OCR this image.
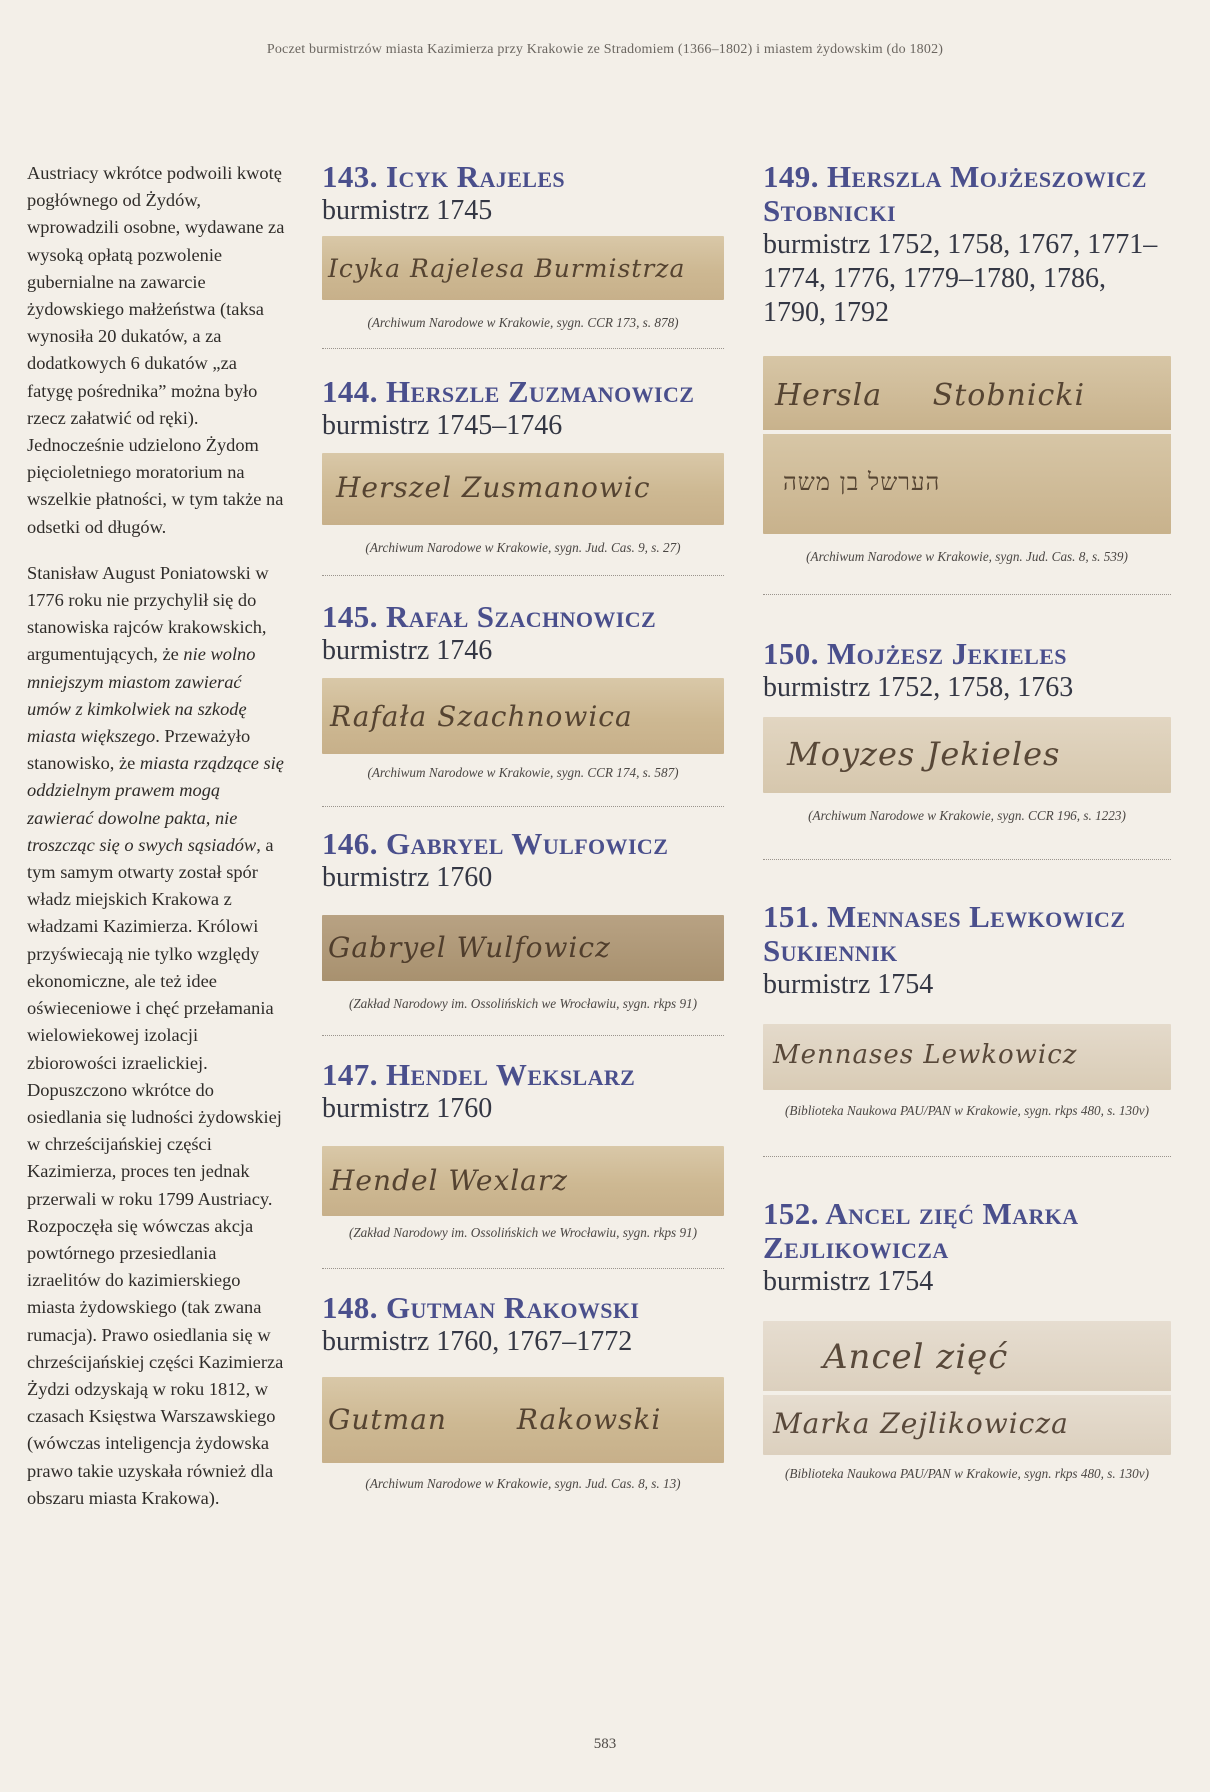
Poczet burmistrzów miasta Kazimierza przy Krakowie ze Stradomiem (1366–1802) i miastem żydowskim (do 1802)

Austriacy wkrótce podwoili kwotę pogłównego od Żydów, wprowadzili osobne, wydawane za wysoką opłatą pozwolenie gubernialne na zawarcie żydowskiego małżeństwa (taksa wynosiła 20 dukatów, a za dodatkowych 6 dukatów „za fatygę pośrednika” można było rzecz załatwić od ręki). Jednocześnie udzielono Żydom pięcioletniego moratorium na wszelkie płatności, w tym także na odsetki od długów.

Stanisław August Poniatowski w 1776 roku nie przychylił się do stanowiska rajców krakowskich, argumentujących, że nie wolno mniejszym miastom zawierać umów z kimkolwiek na szkodę miasta większego. Przeważyło stanowisko, że miasta rządzące się oddzielnym prawem mogą zawierać dowolne pakta, nie troszcząc się o swych sąsiadów, a tym samym otwarty został spór władz miejskich Krakowa z władzami Kazimierza. Królowi przyświecają nie tylko względy ekonomiczne, ale też idee oświeceniowe i chęć przełamania wielowiekowej izolacji zbiorowości izraelickiej. Dopuszczono wkrótce do osiedlania się ludności żydowskiej w chrześcijańskiej części Kazimierza, proces ten jednak przerwali w roku 1799 Austriacy. Rozpoczęła się wówczas akcja powtórnego przesiedlania izraelitów do kazimierskiego miasta żydowskiego (tak zwana rumacja). Prawo osiedlania się w chrześcijańskiej części Kazimierza Żydzi odzyskają w roku 1812, w czasach Księstwa Warszawskiego (wówczas inteligencja żydowska prawo takie uzyskała również dla obszaru miasta Krakowa).

143. Icyk Rajeles

burmistrz 1745

Icyka Rajelesa Burmistrza
(Archiwum Narodowe w Krakowie, sygn. CCR 173, s. 878)
144. Herszle Zuzmanowicz

burmistrz 1745–1746

Herszel Zusmanowic
(Archiwum Narodowe w Krakowie, sygn. Jud. Cas. 9, s. 27)
145. Rafał Szachnowicz

burmistrz 1746

Rafała Szachnowica
(Archiwum Narodowe w Krakowie, sygn. CCR 174, s. 587)
146. Gabryel Wulfowicz

burmistrz 1760

Gabryel Wulfowicz
(Zakład Narodowy im. Ossolińskich we Wrocławiu, sygn. rkps 91)
147. Hendel Wekslarz

burmistrz 1760

Hendel Wexlarz
(Zakład Narodowy im. Ossolińskich we Wrocławiu, sygn. rkps 91)
148. Gutman Rakowski

burmistrz 1760, 1767–1772

Gutman Rakowski
(Archiwum Narodowe w Krakowie, sygn. Jud. Cas. 8, s. 13)
149. Herszla Mojżeszowicz Stobnicki

burmistrz 1752, 1758, 1767, 1771–1774, 1776, 1779–1780, 1786, 1790, 1792

Hersla Stobnicki
הערשל בן משה
(Archiwum Narodowe w Krakowie, sygn. Jud. Cas. 8, s. 539)
150. Mojżesz Jekieles

burmistrz 1752, 1758, 1763

Moyzes Jekieles
(Archiwum Narodowe w Krakowie, sygn. CCR 196, s. 1223)
151. Mennases Lewkowicz Sukiennik

burmistrz 1754

Mennases Lewkowicz
(Biblioteka Naukowa PAU/PAN w Krakowie, sygn. rkps 480, s. 130v)
152. Ancel zięć Marka Zejlikowicza

burmistrz 1754

Ancel zięć
Marka Zejlikowicza
(Biblioteka Naukowa PAU/PAN w Krakowie, sygn. rkps 480, s. 130v)
583
